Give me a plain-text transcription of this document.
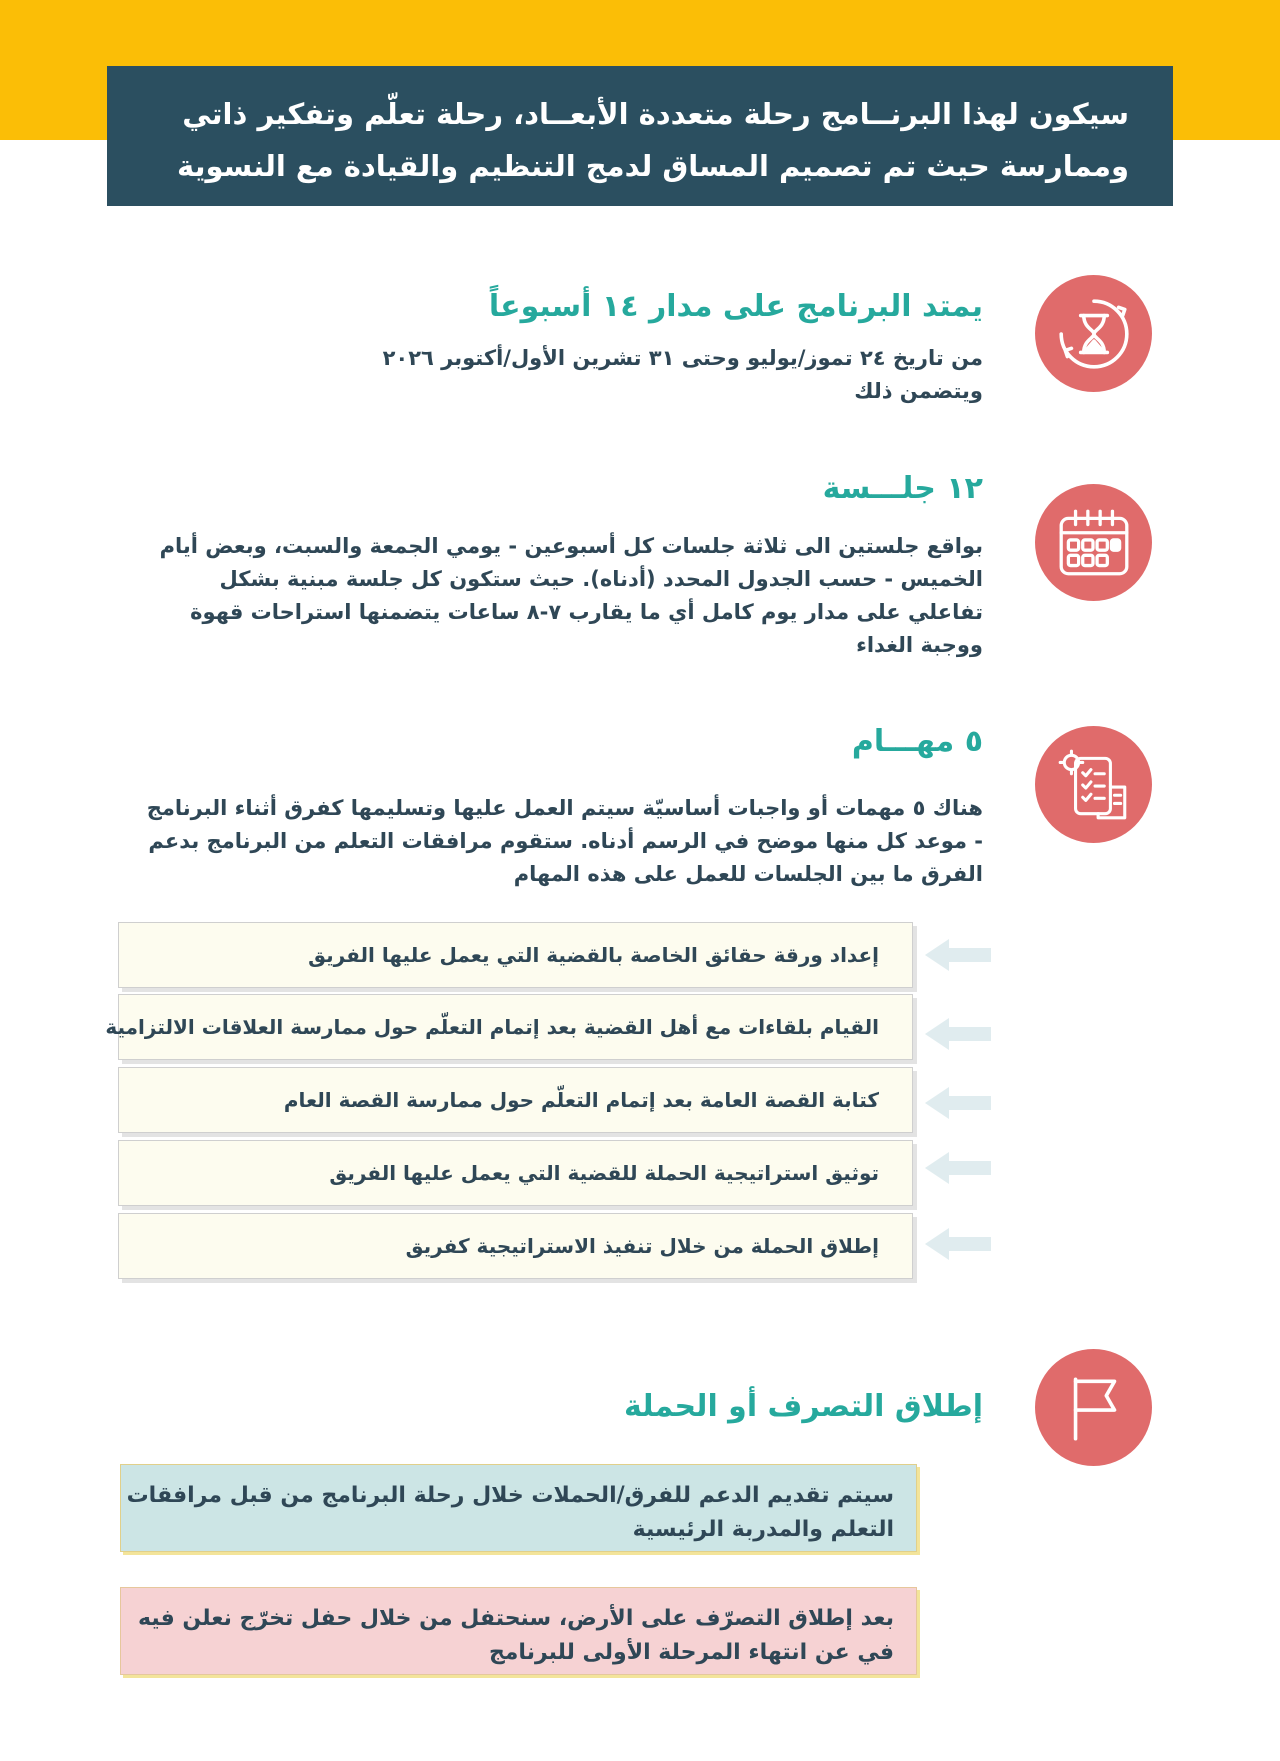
سيكون لهذا البرنــامج رحلة متعددة الأبعــاد، رحلة تعلّم وتفكير ذاتي
وممارسة حيث تم تصميم المساق لدمج التنظيم والقيادة مع النسوية
يمتد البرنامج على مدار ١٤ أسبوعاً
من تاريخ ٢٤ تموز/يوليو وحتى ٣١ تشرين الأول/أكتوبر ٢٠٢٦
ويتضمن ذلك
١٢ جلـــسة
بواقع جلستين الى ثلاثة جلسات كل أسبوعين - يومي الجمعة والسبت، وبعض أيام
الخميس - حسب الجدول المحدد (أدناه). حيث ستكون كل جلسة مبنية بشكل
تفاعلي على مدار يوم كامل أي ما يقارب ٧-٨ ساعات يتضمنها استراحات قهوة
ووجبة الغداء
٥ مهـــام
هناك ٥ مهمات أو واجبات أساسيّة سيتم العمل عليها وتسليمها كفرق أثناء البرنامج
- موعد كل منها موضح في الرسم أدناه. ستقوم مرافقات التعلم من البرنامج بدعم
الفرق ما بين الجلسات للعمل على هذه المهام
إعداد ورقة حقائق الخاصة بالقضية التي يعمل عليها الفريق
القيام بلقاءات مع أهل القضية بعد إتمام التعلّم حول ممارسة العلاقات الالتزامية
كتابة القصة العامة بعد إتمام التعلّم حول ممارسة القصة العام
توثيق استراتيجية الحملة للقضية التي يعمل عليها الفريق
إطلاق الحملة من خلال تنفيذ الاستراتيجية كفريق
إطلاق التصرف أو الحملة
سيتم تقديم الدعم للفرق/الحملات خلال رحلة البرنامج من قبل مرافقات
التعلم والمدربة الرئيسية
بعد إطلاق التصرّف على الأرض، سنحتفل من خلال حفل تخرّج نعلن فيه
في عن انتهاء المرحلة الأولى للبرنامج
